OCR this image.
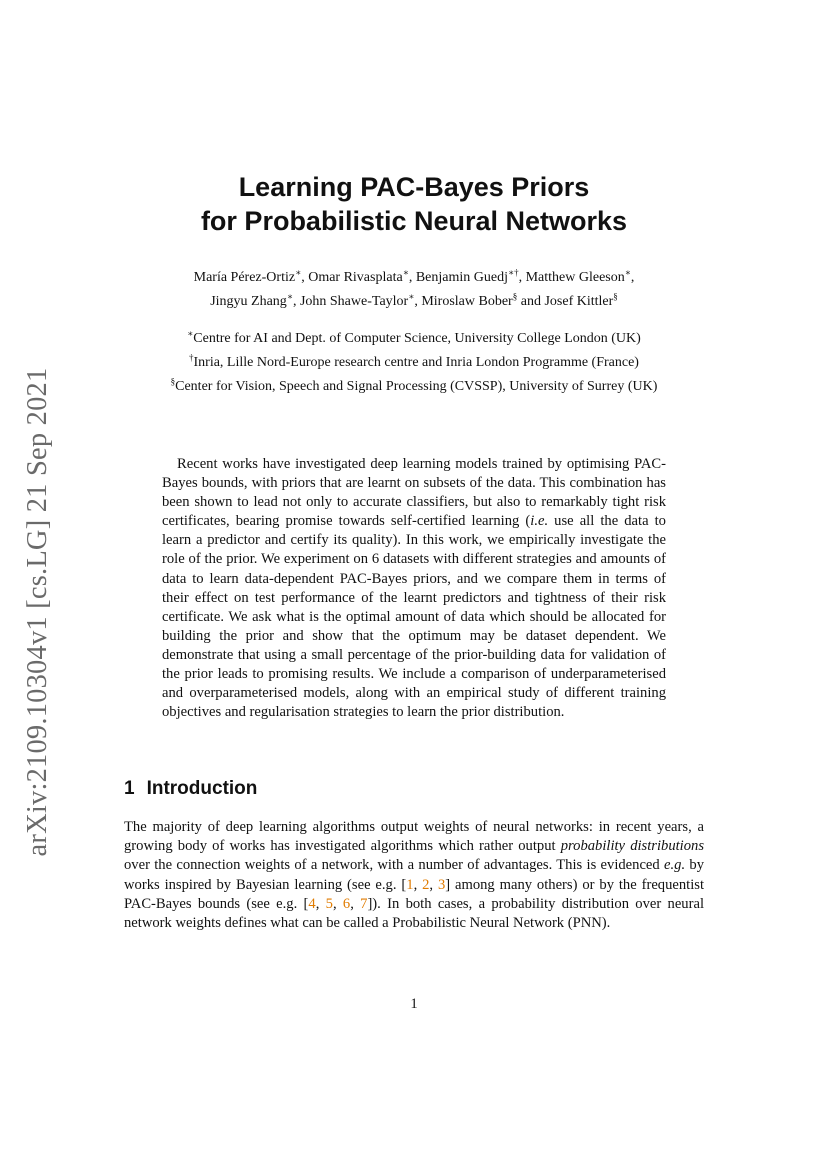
arXiv:2109.10304v1 [cs.LG] 21 Sep 2021
Learning PAC-Bayes Priors
for Probabilistic Neural Networks
María Pérez-Ortiz∗, Omar Rivasplata∗, Benjamin Guedj∗†, Matthew Gleeson∗,
Jingyu Zhang∗, John Shawe-Taylor∗, Miroslaw Bober§ and Josef Kittler§
∗Centre for AI and Dept. of Computer Science, University College London (UK)
†Inria, Lille Nord-Europe research centre and Inria London Programme (France)
§Center for Vision, Speech and Signal Processing (CVSSP), University of Surrey (UK)

Recent works have investigated deep learning models trained by optimising PAC-Bayes bounds, with priors that are learnt on subsets of the data. This combination has been shown to lead not only to accurate classifiers, but also to remarkably tight risk certificates, bearing promise towards self-certified learning (i.e. use all the data to learn a predictor and certify its quality). In this work, we empirically investigate the role of the prior. We experiment on 6 datasets with different strategies and amounts of data to learn data-dependent PAC-Bayes priors, and we compare them in terms of their effect on test performance of the learnt predictors and tightness of their risk certificate. We ask what is the optimal amount of data which should be allocated for building the prior and show that the optimum may be dataset dependent. We demonstrate that using a small percentage of the prior-building data for validation of the prior leads to promising results. We include a comparison of underparameterised and overparameterised models, along with an empirical study of different training objectives and regularisation strategies to learn the prior distribution.

1 Introduction

The majority of deep learning algorithms output weights of neural networks: in recent years, a growing body of works has investigated algorithms which rather output probability distributions over the connection weights of a network, with a number of advantages. This is evidenced e.g. by works inspired by Bayesian learning (see e.g. [1, 2, 3] among many others) or by the frequentist PAC-Bayes bounds (see e.g. [4, 5, 6, 7]). In both cases, a probability distribution over neural network weights defines what can be called a Probabilistic Neural Network (PNN).

1
